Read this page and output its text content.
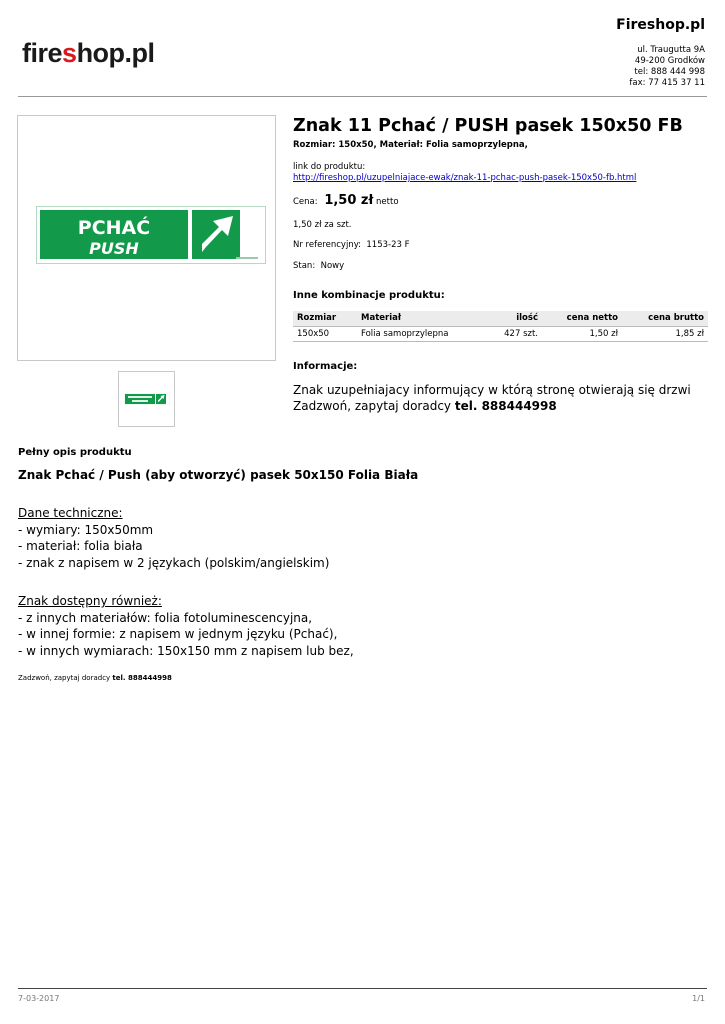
fireshop.pl
Fireshop.pl
ul. Traugutta 9A
49-200 Grodków
tel: 888 444 998
fax: 77 415 37 11
PCHAĆ
PUSH
Znak 11 Pchać / PUSH pasek 150x50 FB
Rozmiar: 150x50, Materiał: Folia samoprzylepna,
link do produktu:
http://fireshop.pl/uzupelniajace-ewak/znak-11-pchac-push-pasek-150x50-fb.html
Cena: 1,50 zł netto
1,50 zł za szt.
Nr referencyjny: 1153-23 F
Stan: Nowy
Inne kombinacje produktu:
Rozmiar	Materiał	ilość	cena netto	cena brutto
150x50	Folia samoprzylepna	427 szt.	1,50 zł	1,85 zł
Informacje:
Znak uzupełniajacy informujący w którą stronę otwierają się drzwi
Zadzwoń, zapytaj doradcy tel. 888444998
Pełny opis produktu
Znak Pchać / Push (aby otworzyć) pasek 50x150 Folia Biała
Dane techniczne:
- wymiary: 150x50mm
- materiał: folia biała
- znak z napisem w 2 językach (polskim/angielskim)
Znak dostępny również:
- z innych materiałów: folia fotoluminescencyjna,
- w innej formie: z napisem w jednym języku (Pchać),
- w innych wymiarach: 150x150 mm z napisem lub bez,
Zadzwoń, zapytaj doradcy tel. 888444998
7-03-2017	1/1
